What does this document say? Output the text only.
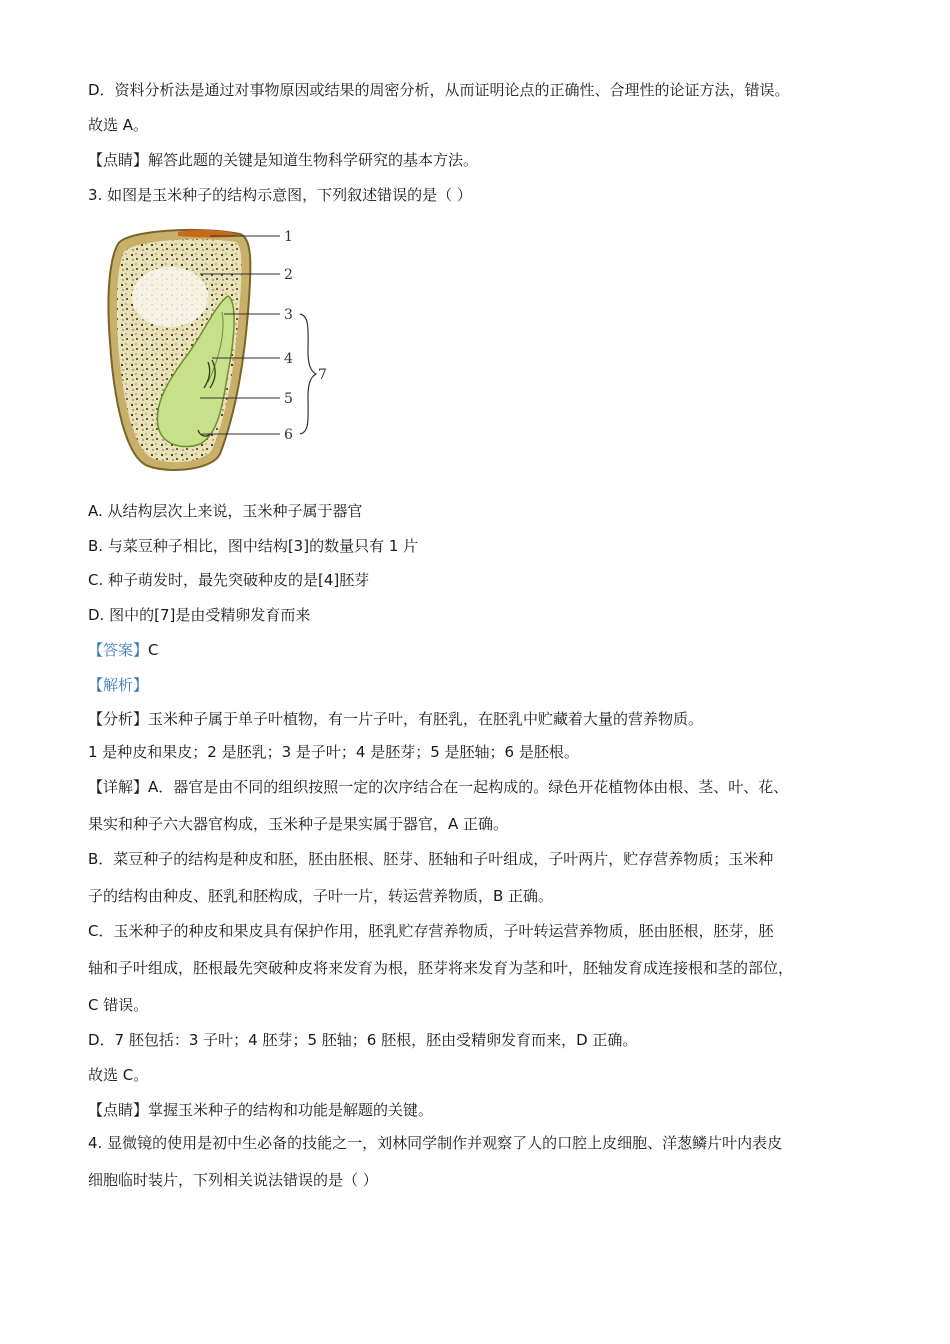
D．资料分析法是通过对事物原因或结果的周密分析，从而证明论点的正确性、合理性的论证方法，错误。
故选 A。
【点睛】解答此题的关键是知道生物科学研究的基本方法。
3. 如图是玉米种子的结构示意图，下列叙述错误的是（ ）
1
2
3
4
5
6
7
A. 从结构层次上来说，玉米种子属于器官
B. 与菜豆种子相比，图中结构[3]的数量只有 1 片
C. 种子萌发时，最先突破种皮的是[4]胚芽
D. 图中的[7]是由受精卵发育而来
【答案】C
【解析】
【分析】玉米种子属于单子叶植物，有一片子叶，有胚乳，在胚乳中贮藏着大量的营养物质。
1 是种皮和果皮；2 是胚乳；3 是子叶；4 是胚芽；5 是胚轴；6 是胚根。
【详解】A．器官是由不同的组织按照一定的次序结合在一起构成的。绿色开花植物体由根、茎、叶、花、
果实和种子六大器官构成，玉米种子是果实属于器官，A 正确。
B．菜豆种子的结构是种皮和胚，胚由胚根、胚芽、胚轴和子叶组成，子叶两片，贮存营养物质；玉米种
子的结构由种皮、胚乳和胚构成，子叶一片，转运营养物质，B 正确。
C．玉米种子的种皮和果皮具有保护作用，胚乳贮存营养物质，子叶转运营养物质，胚由胚根，胚芽，胚
轴和子叶组成，胚根最先突破种皮将来发育为根，胚芽将来发育为茎和叶，胚轴发育成连接根和茎的部位，
C 错误。
D．7 胚包括：3 子叶；4 胚芽；5 胚轴；6 胚根，胚由受精卵发育而来，D 正确。
故选 C。
【点睛】掌握玉米种子的结构和功能是解题的关键。
4. 显微镜的使用是初中生必备的技能之一，刘林同学制作并观察了人的口腔上皮细胞、洋葱鳞片叶内表皮
细胞临时装片，下列相关说法错误的是（ ）
